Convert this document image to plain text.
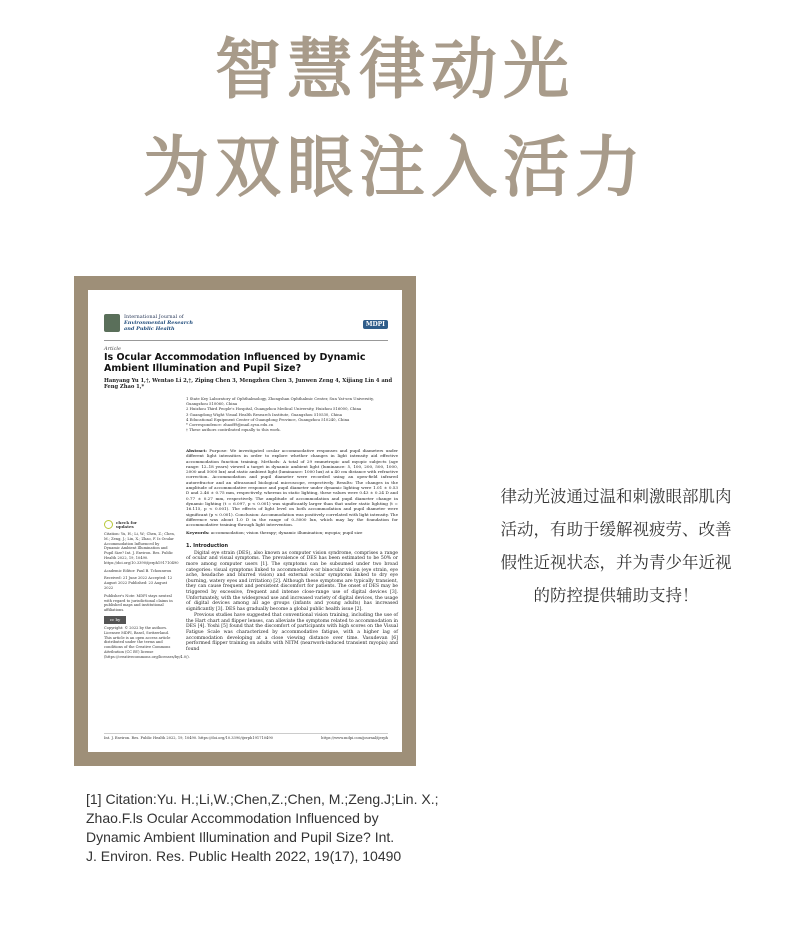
智慧律动光
为双眼注入活力
International Journal of
Environmental Research
and Public Health
MDPI
Article
Is Ocular Accommodation Influenced by Dynamic Ambient Illumination and Pupil Size?
Hanyang Yu 1,†, Wentao Li 2,†, Ziping Chen 3, Mengzhen Chen 3, Junwen Zeng 4, Xijiang Lin 4 and Feng Zhao 1,*
1 State Key Laboratory of Ophthalmology, Zhongshan Ophthalmic Center, Sun Yat-sen University,
Guangzhou 510060, China
2 Huizhou Third People's Hospital, Guangzhou Medical University, Huizhou 516000, China
3 Guangdong Wight Visual Health Research Institute, Guangzhou 510530, China
4 Educational Equipment Center of Guangdong Province, Guangzhou 510240, China
* Correspondence: zhaoff9@mail.sysu.edu.cn
† These authors contributed equally to this work.
check for
updates

Citation: Yu, H.; Li, W.; Chen, Z.; Chen, M.; Zeng, J.; Lin, X.; Zhao, F. Is Ocular Accommodation Influenced by Dynamic Ambient Illumination and Pupil Size? Int. J. Environ. Res. Public Health 2022, 19, 10490. https://doi.org/10.3390/ijerph191710490

Academic Editor: Paul B. Tchounwou

Received: 21 June 2022 Accepted: 12 August 2022 Published: 23 August 2022

Publisher's Note: MDPI stays neutral with regard to jurisdictional claims in published maps and institutional affiliations.

cc by

Copyright: © 2022 by the authors. Licensee MDPI, Basel, Switzerland. This article is an open access article distributed under the terms and conditions of the Creative Commons Attribution (CC BY) license (https://creativecommons.org/licenses/by/4.0/).

Abstract: Purpose: We investigated ocular accommodative responses and pupil diameters under different light intensities in order to explore whether changes in light intensity aid effective accommodation function training. Methods: A total of 29 emmetropic and myopic subjects (age range: 12–18 years) viewed a target in dynamic ambient light (luminance: 5, 100, 200, 500, 1000, 2000 and 5000 lux) and static ambient light (luminance: 1000 lux) at a 40 cm distance with refractive correction. Accommodation and pupil diameter were recorded using an open-field infrared autorefractor and an ultrasound biological microscope, respectively. Results: The changes in the amplitude of accommodative response and pupil diameter under dynamic lighting were 1.01 ± 0.53 D and 2.46 ± 0.75 mm, respectively, whereas in static lighting, these values were 0.43 ± 0.24 D and 0.77 ± 0.27 mm, respectively. The amplitude of accommodation and pupil diameter change in dynamic lighting (t = 6.097, p < 0.001) was significantly larger than that under static lighting (t = 16.115, p < 0.001). The effects of light level on both accommodation and pupil diameter were significant (p < 0.001). Conclusion: Accommodation was positively correlated with light intensity. The difference was about 1.0 D in the range of 0–5000 lux, which may lay the foundation for accommodative training through light intervention.
Keywords: accommodation; vision therapy; dynamic illumination; myopia; pupil size
1. Introduction

Digital eye strain (DES), also known as computer vision syndrome, comprises a range of ocular and visual symptoms. The prevalence of DES has been estimated to be 50% or more among computer users [1]. The symptoms can be subsumed under two broad categories: visual symptoms linked to accommodative or binocular vision (eye strain, eye ache, headache and blurred vision) and external ocular symptoms linked to dry eye (burning, watery eyes and irritation) [2]. Although these symptoms are typically transient, they can cause frequent and persistent discomfort for patients. The onset of DES may be triggered by excessive, frequent and intense close-range use of digital devices [3]. Unfortunately, with the widespread use and increased variety of digital devices, the usage of digital devices among all age groups (infants and young adults) has increased significantly [3]. DES has gradually become a global public health issue [2].

Previous studies have suggested that conventional vision training, including the use of the Hart chart and flipper lenses, can alleviate the symptoms related to accommodation in DES [4]. Yoshi [5] found that the discomfort of participants with high scores on the Visual Fatigue Scale was characterized by accommodative fatigue, with a higher lag of accommodation developing at a close viewing distance over time. Vasudevan [6] performed flipper training on adults with NITM (nearwork-induced transient myopia) and found

Int. J. Environ. Res. Public Health 2022, 19, 10490. https://doi.org/10.3390/ijerph191710490	https://www.mdpi.com/journal/ijerph
律动光波通过温和刺激眼部肌肉
活动，有助于缓解视疲劳、改善
假性近视状态，并为青少年近视
的防控提供辅助支持！
[1] Citation:Yu. H.;Li,W.;Chen,Z.;Chen, M.;Zeng.J;Lin. X.;
Zhao.F.ls Ocular Accommodation Influenced by
Dynamic Ambient Illumination and Pupil Size? Int.
J. Environ. Res. Public Health 2022, 19(17), 10490
